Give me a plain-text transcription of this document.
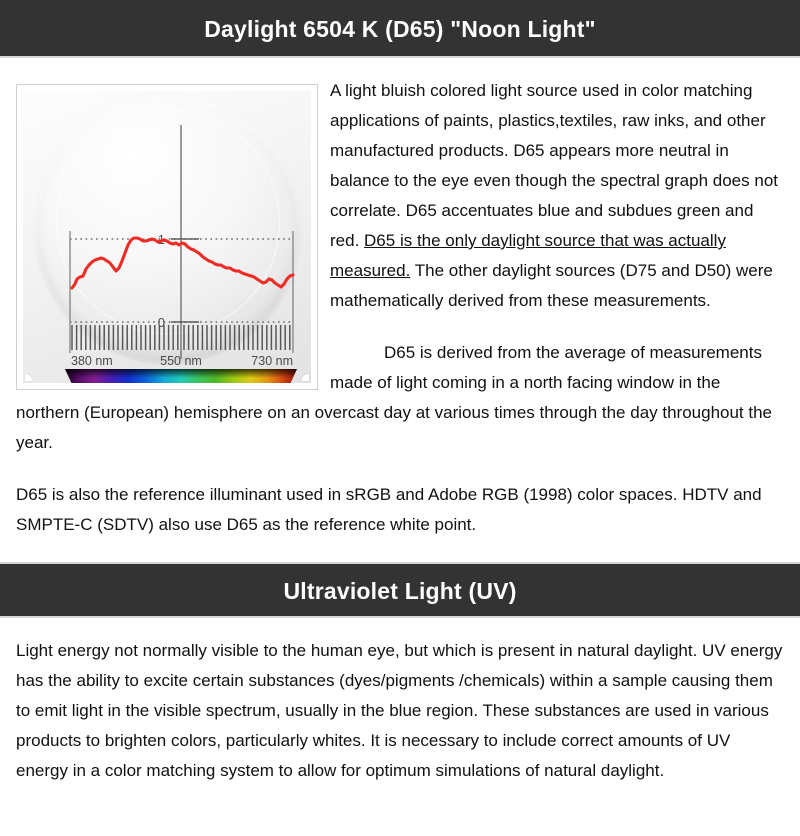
Daylight 6504 K (D65) "Noon Light"
1
0
380 nm	550 nm	730 nm

A light bluish colored light source used in color matching applications of paints, plastics,textiles, raw inks, and other manufactured products. D65 appears more neutral in balance to the eye even though the spectral graph does not correlate. D65 accentuates blue and subdues green and red. D65 is the only daylight source that was actually measured. The other daylight sources (D75 and D50) were mathematically derived from these measurements.

D65 is derived from the average of measurements made of light coming in a north facing window in the northern (European) hemisphere on an overcast day at various times through the day throughout the year.

D65 is also the reference illuminant used in sRGB and Adobe RGB (1998) color spaces. HDTV and SMPTE-C (SDTV) also use D65 as the reference white point.

Ultraviolet Light (UV)

Light energy not normally visible to the human eye, but which is present in natural daylight. UV energy has the ability to excite certain substances (dyes/pigments /chemicals) within a sample causing them to emit light in the visible spectrum, usually in the blue region. These substances are used in various products to brighten colors, particularly whites. It is necessary to include correct amounts of UV energy in a color matching system to allow for optimum simulations of natural daylight.
